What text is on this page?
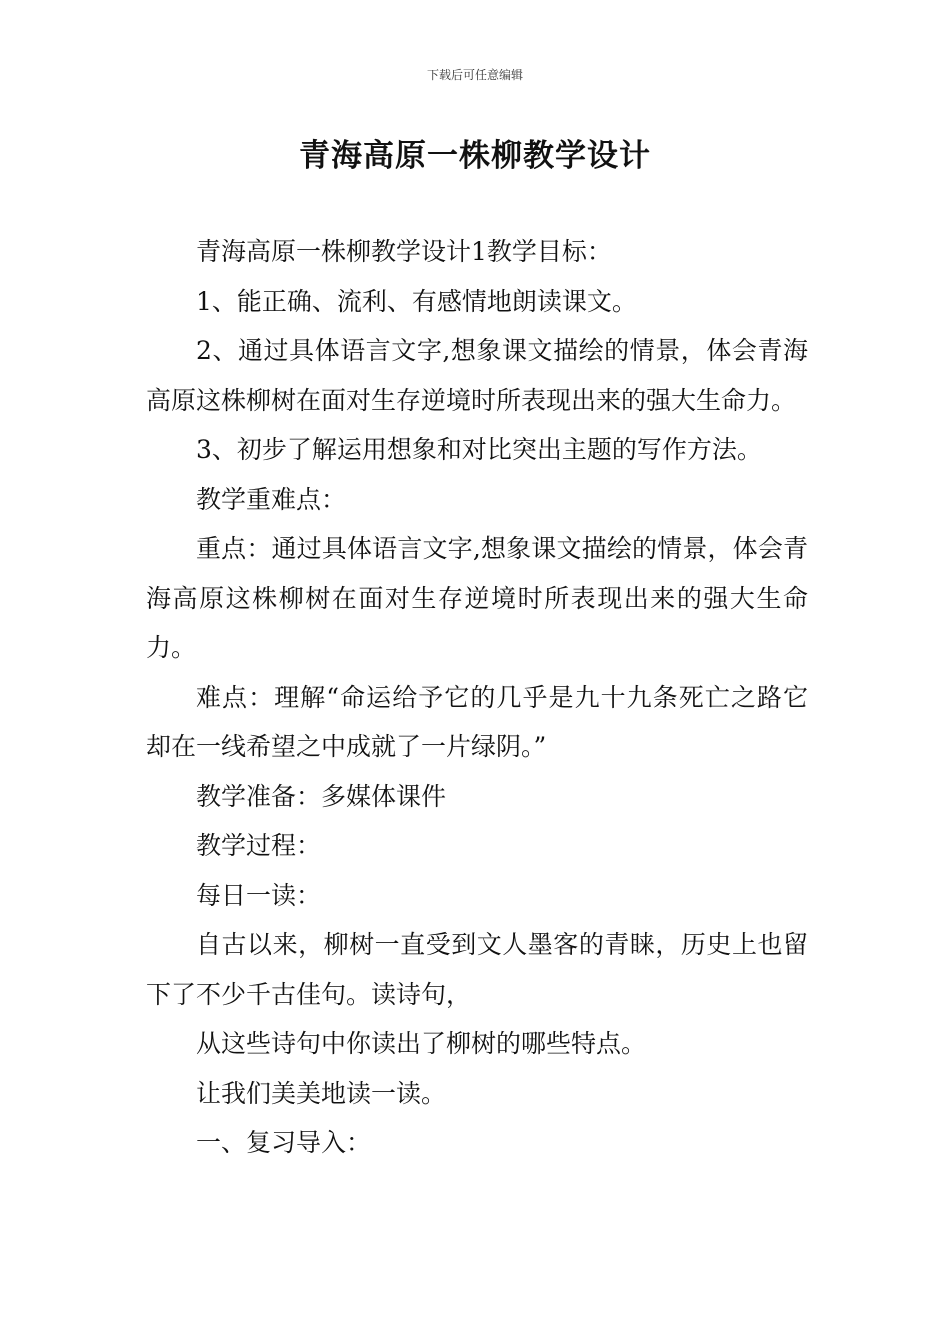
下载后可任意编辑
青海高原一株柳教学设计

青海高原一株柳教学设计1教学目标：

1、能正确、流利、有感情地朗读课文。

2、通过具体语言文字,想象课文描绘的情景，体会青海高原这株柳树在面对生存逆境时所表现出来的强大生命力。

3、初步了解运用想象和对比突出主题的写作方法。

教学重难点：

重点：通过具体语言文字,想象课文描绘的情景，体会青海高原这株柳树在面对生存逆境时所表现出来的强大生命力。

难点：理解“命运给予它的几乎是九十九条死亡之路它却在一线希望之中成就了一片绿阴。”

教学准备：多媒体课件

教学过程：

每日一读：

自古以来，柳树一直受到文人墨客的青睐，历史上也留下了不少千古佳句。读诗句，

从这些诗句中你读出了柳树的哪些特点。

让我们美美地读一读。

一、复习导入：
